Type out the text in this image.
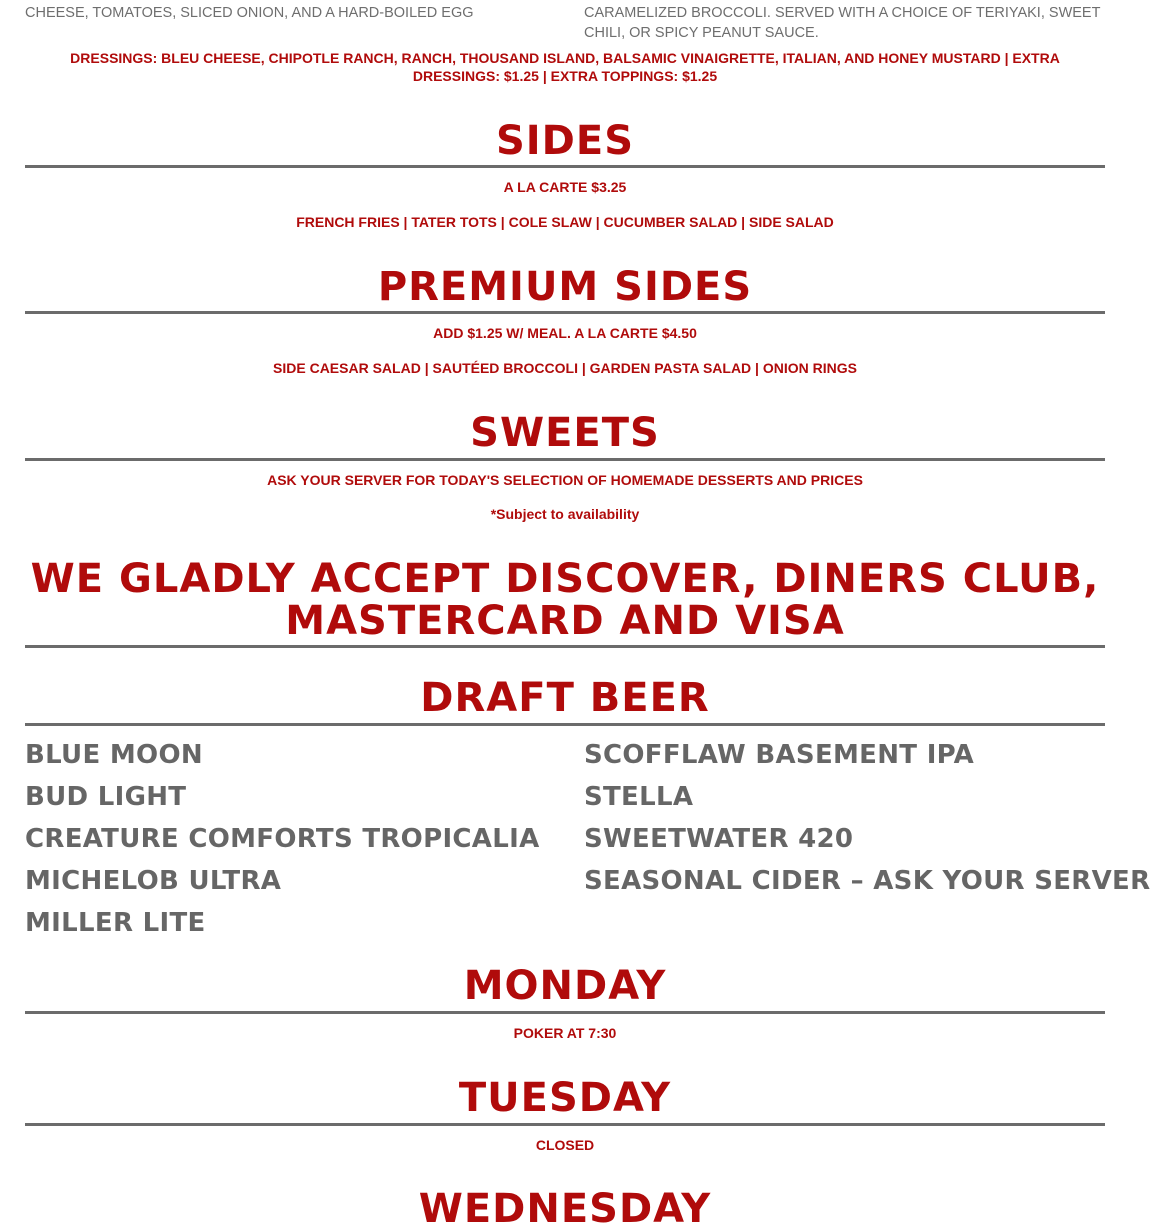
CHEESE, TOMATOES, SLICED ONION, AND A HARD-BOILED EGG	CARAMELIZED BROCCOLI. SERVED WITH A CHOICE OF TERIYAKI, SWEET CHILI, OR SPICY PEANUT SAUCE.
DRESSINGS: BLEU CHEESE, CHIPOTLE RANCH, RANCH, THOUSAND ISLAND, BALSAMIC VINAIGRETTE, ITALIAN, AND HONEY MUSTARD | EXTRA DRESSINGS: $1.25 | EXTRA TOPPINGS: $1.25
SIDES
A LA CARTE $3.25
FRENCH FRIES | TATER TOTS | COLE SLAW | CUCUMBER SALAD | SIDE SALAD
PREMIUM SIDES
ADD $1.25 W/ MEAL. A LA CARTE $4.50
SIDE CAESAR SALAD | SAUTÉED BROCCOLI | GARDEN PASTA SALAD | ONION RINGS
SWEETS
ASK YOUR SERVER FOR TODAY'S SELECTION OF HOMEMADE DESSERTS AND PRICES
*Subject to availability
WE GLADLY ACCEPT DISCOVER, DINERS CLUB,
MASTERCARD AND VISA
DRAFT BEER
BLUE MOON
BUD LIGHT
CREATURE COMFORTS TROPICALIA
MICHELOB ULTRA
MILLER LITE
SCOFFLAW BASEMENT IPA
STELLA
SWEETWATER 420
SEASONAL CIDER – ASK YOUR SERVER
MONDAY
POKER AT 7:30
TUESDAY
CLOSED
WEDNESDAY
